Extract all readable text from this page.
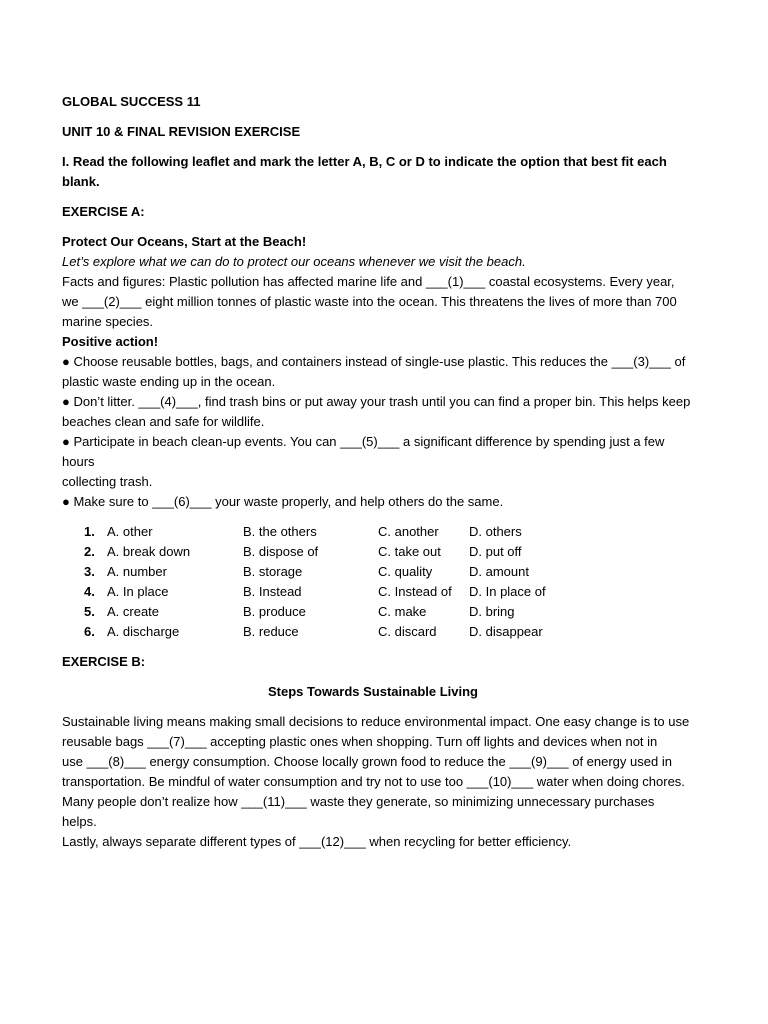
GLOBAL SUCCESS 11

UNIT 10 & FINAL REVISION EXERCISE

I. Read the following leaflet and mark the letter A, B, C or D to indicate the option that best fit each blank.

EXERCISE A:

Protect Our Oceans, Start at the Beach!

Let’s explore what we can do to protect our oceans whenever we visit the beach.

Facts and figures: Plastic pollution has affected marine life and ___(1)___ coastal ecosystems. Every year,

we ___(2)___ eight million tonnes of plastic waste into the ocean. This threatens the lives of more than 700

marine species.

Positive action!

● Choose reusable bottles, bags, and containers instead of single-use plastic. This reduces the ___(3)___ of

plastic waste ending up in the ocean.

● Don’t litter. ___(4)___, find trash bins or put away your trash until you can find a proper bin. This helps keep

beaches clean and safe for wildlife.

● Participate in beach clean-up events. You can ___(5)___ a significant difference by spending just a few hours

collecting trash.

● Make sure to ___(6)___ your waste properly, and help others do the same.

1. A. other	B. the others	C. another	D. others
2. A. break down	B. dispose of	C. take out	D. put off
3. A. number	B. storage	C. quality	D. amount
4. A. In place	B. Instead	C. Instead of	D. In place of
5. A. create	B. produce	C. make	D. bring
6. A. discharge	B. reduce	C. discard	D. disappear

EXERCISE B:

Steps Towards Sustainable Living

Sustainable living means making small decisions to reduce environmental impact. One easy change is to use

reusable bags ___(7)___ accepting plastic ones when shopping. Turn off lights and devices when not in

use ___(8)___ energy consumption. Choose locally grown food to reduce the ___(9)___ of energy used in

transportation. Be mindful of water consumption and try not to use too ___(10)___ water when doing chores.

Many people don’t realize how ___(11)___ waste they generate, so minimizing unnecessary purchases helps.

Lastly, always separate different types of ___(12)___ when recycling for better efficiency.
